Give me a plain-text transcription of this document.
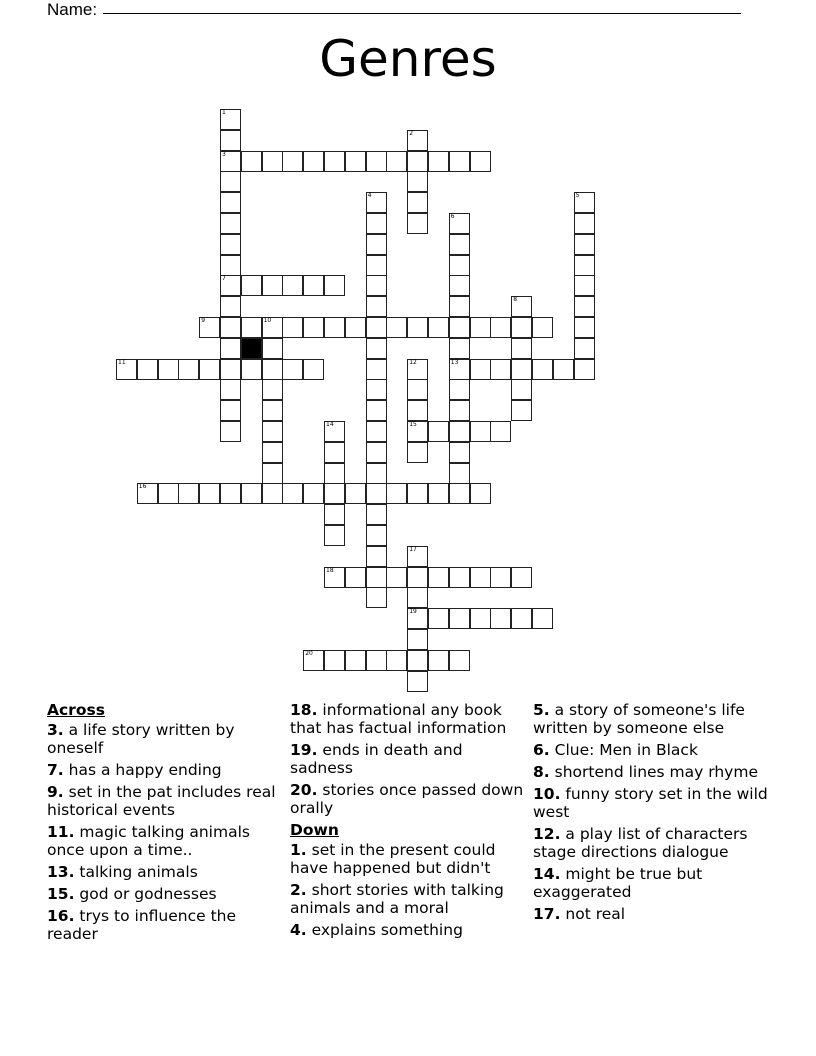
Name:
Genres
1
3
7
2
4	5
6
13
8
9	10
11	12
15
14
16
17
19
18
20
Across
3. a life story written by oneself
7. has a happy ending
9. set in the pat includes real historical events
11. magic talking animals once upon a time..
13. talking animals
15. god or godnesses
16. trys to influence the reader
18. informational any book that has factual information
19. ends in death and sadness
20. stories once passed down orally
Down
1. set in the present could have happened but didn't
2. short stories with talking animals and a moral
4. explains something
5. a story of someone's life written by someone else
6. Clue: Men in Black
8. shortend lines may rhyme
10. funny story set in the wild west
12. a play list of characters stage directions dialogue
14. might be true but exaggerated
17. not real
